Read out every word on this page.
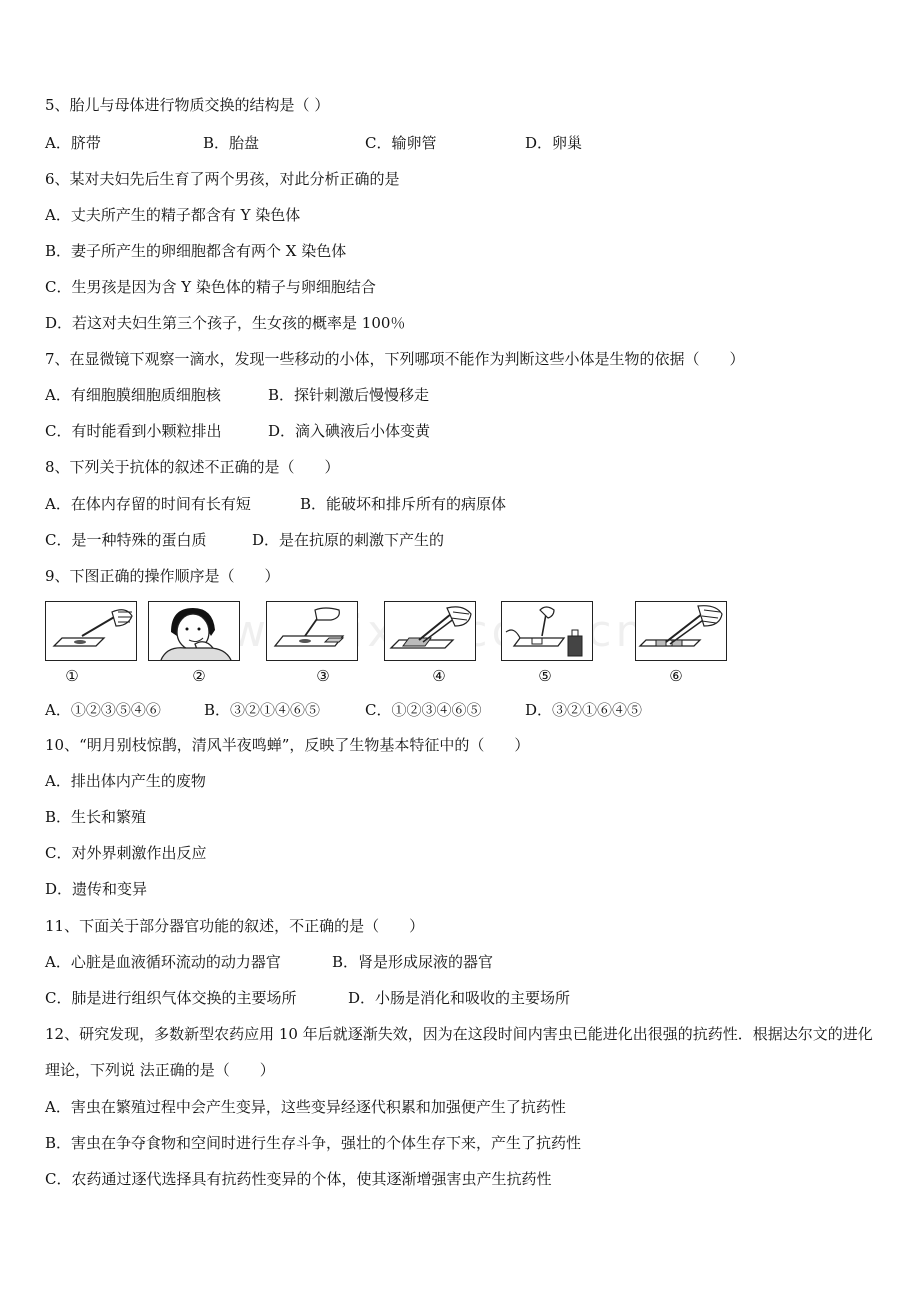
5、胎儿与母体进行物质交换的结构是（ ）
A．脐带	B．胎盘	C．输卵管	D．卵巢
6、某对夫妇先后生育了两个男孩，对此分析正确的是
A．丈夫所产生的精子都含有 Y 染色体
B．妻子所产生的卵细胞都含有两个 X 染色体
C．生男孩是因为含 Y 染色体的精子与卵细胞结合
D．若这对夫妇生第三个孩子，生女孩的概率是 100％
7、在显微镜下观察一滴水，发现一些移动的小体，下列哪项不能作为判断这些小体是生物的依据（　　）
A．有细胞膜细胞质细胞核	B．探针刺激后慢慢移走
C．有时能看到小颗粒排出	D．滴入碘液后小体变黄
8、下列关于抗体的叙述不正确的是（　　）
A．在体内存留的时间有长有短	B．能破坏和排斥所有的病原体
C．是一种特殊的蛋白质	D．是在抗原的刺激下产生的
9、下图正确的操作顺序是（　　）
①	②	③	④	⑤	⑥
A．①②③⑤④⑥	B．③②①④⑥⑤	C．①②③④⑥⑤	D．③②①⑥④⑤
10、“明月别枝惊鹊，清风半夜鸣蝉”，反映了生物基本特征中的（　　）
A．排出体内产生的废物
B．生长和繁殖
C．对外界刺激作出反应
D．遗传和变异
11、下面关于部分器官功能的叙述，不正确的是（　　）
A．心脏是血液循环流动的动力器官	B．肾是形成尿液的器官
C．肺是进行组织气体交换的主要场所	D．小肠是消化和吸收的主要场所
12、研究发现，多数新型农药应用 10 年后就逐渐失效，因为在这段时间内害虫已能进化出很强的抗药性．根据达尔文的进化理论，下列说 法正确的是（　　）
A．害虫在繁殖过程中会产生变异，这些变异经逐代积累和加强便产生了抗药性
B．害虫在争夺食物和空间时进行生存斗争，强壮的个体生存下来，产生了抗药性
C．农药通过逐代选择具有抗药性变异的个体，使其逐渐增强害虫产生抗药性
